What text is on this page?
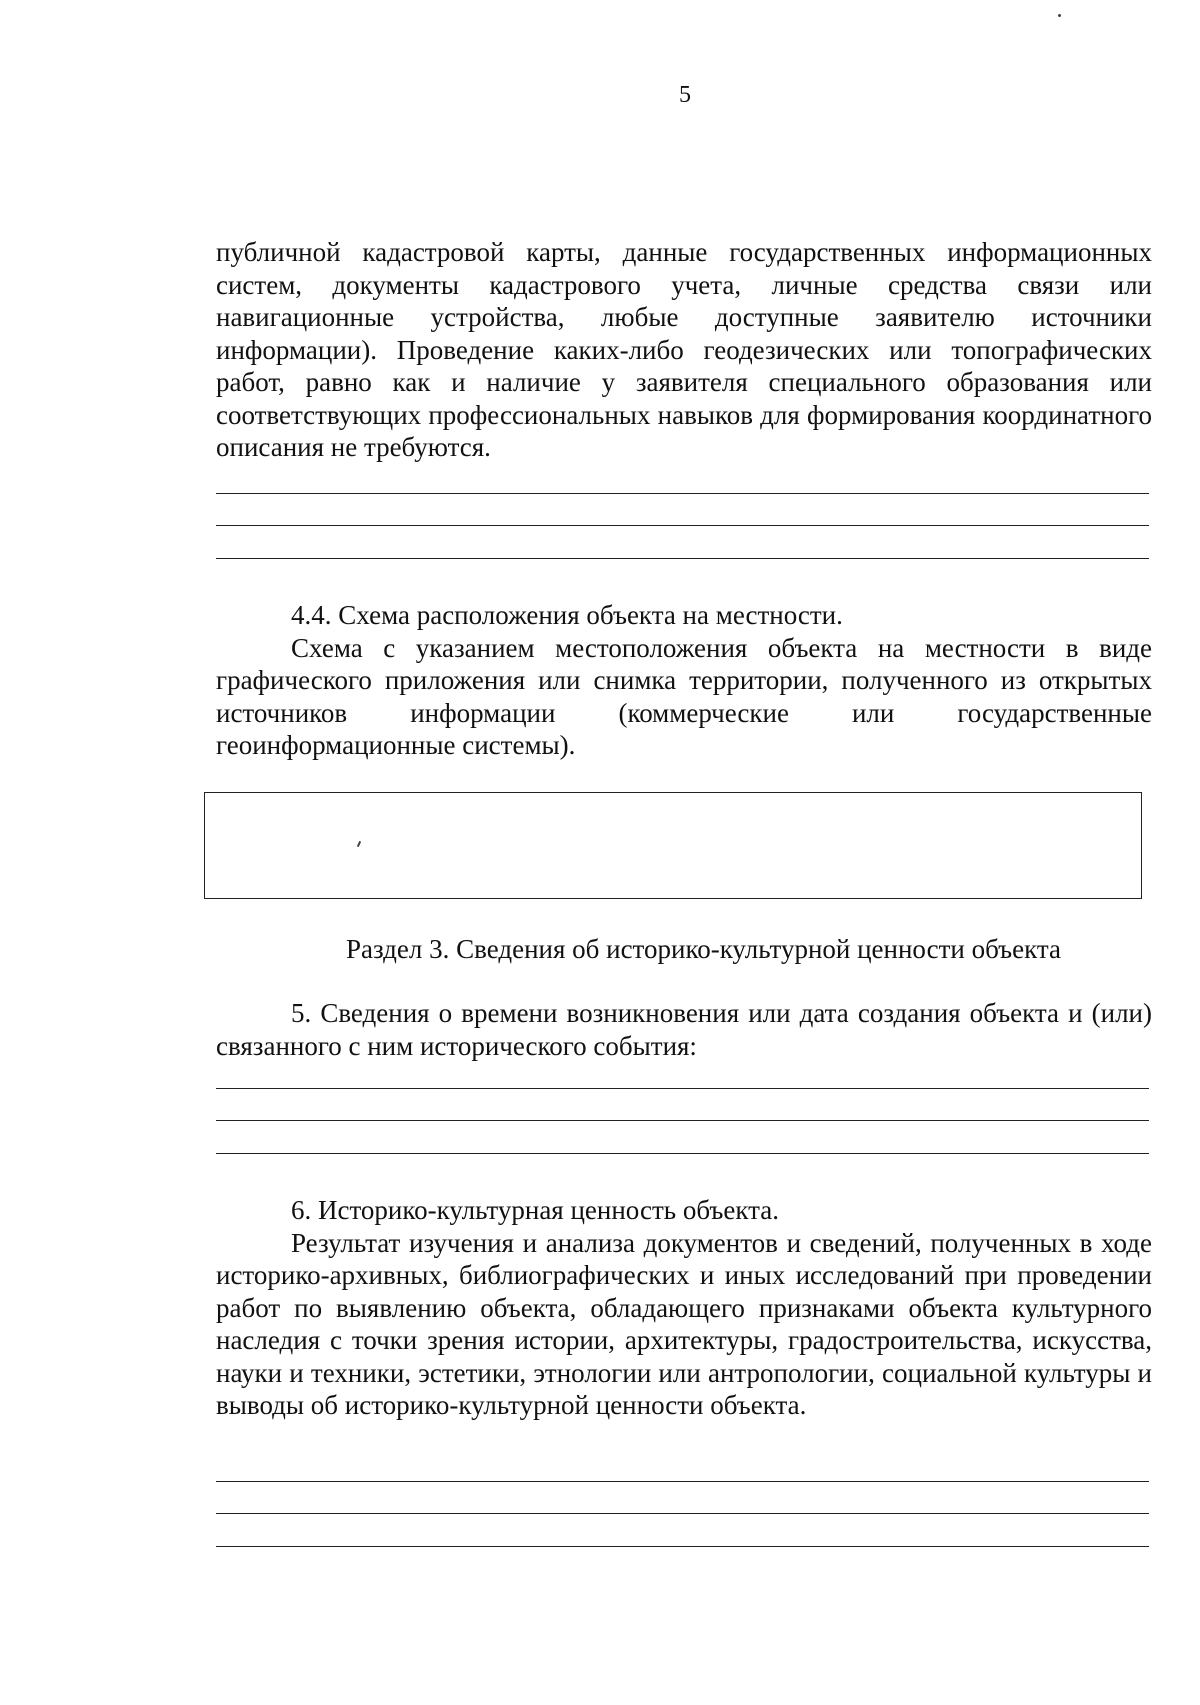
5

публичной кадастровой карты, данные государственных информационных систем, документы кадастрового учета, личные средства связи или навигационные устройства, любые доступные заявителю источники информации). Проведение каких-либо геодезических или топографических работ, равно как и наличие у заявителя специального образования или соответствующих профессиональных навыков для формирования координатного описания не требуются.

4.4. Схема расположения объекта на местности.

Схема с указанием местоположения объекта на местности в виде графического приложения или снимка территории, полученного из открытых источников информации (коммерческие или государственные геоинформационные системы).

Раздел 3. Сведения об историко-культурной ценности объекта

5. Сведения о времени возникновения или дата создания объекта и (или) связанного с ним исторического события:

6. Историко-культурная ценность объекта.

Результат изучения и анализа документов и сведений, полученных в ходе историко-архивных, библиографических и иных исследований при проведении работ по выявлению объекта, обладающего признаками объекта культурного наследия с точки зрения истории, архитектуры, градостроительства, искусства, науки и техники, эстетики, этнологии или антропологии, социальной культуры и выводы об историко-культурной ценности объекта.
